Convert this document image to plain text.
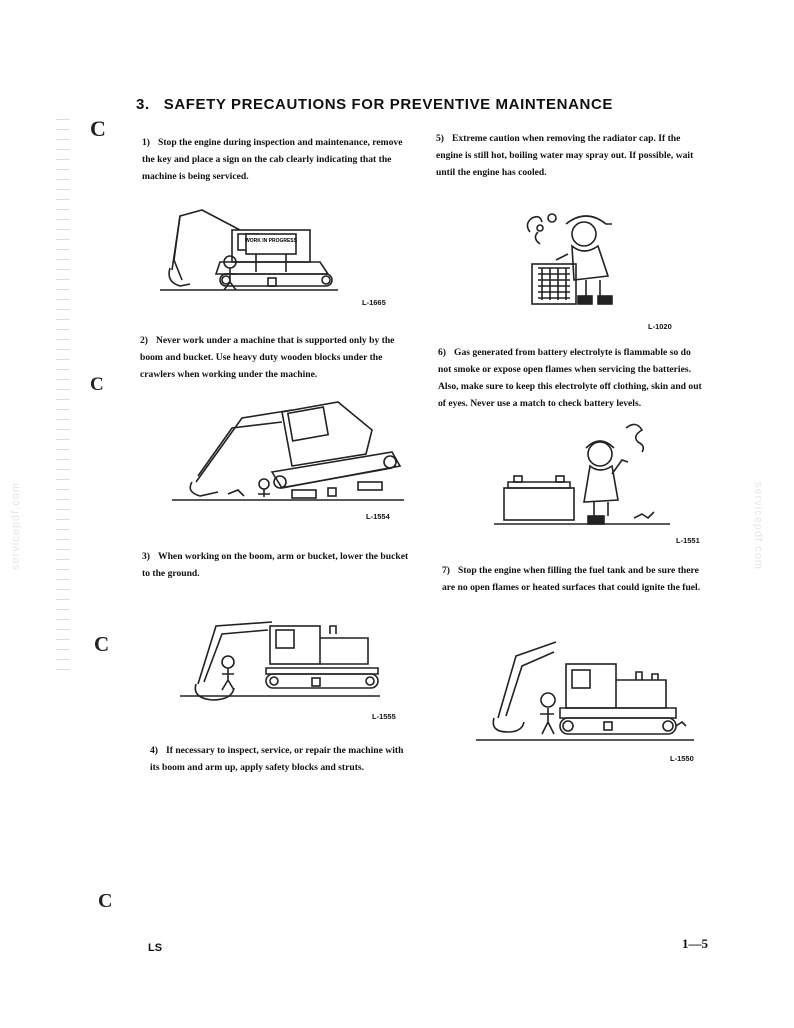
C
C
C
C
servicepdf.com	servicepdf.com
3. SAFETY PRECAUTIONS FOR PREVENTIVE MAINTENANCE
1) Stop the engine during inspection and maintenance, remove the key and place a sign on the cab clearly indicating that the machine is being serviced.
WORK IN PROGRESS
L-1665
2) Never work under a machine that is supported only by the boom and bucket. Use heavy duty wooden blocks under the crawlers when working under the machine.
L-1554
3) When working on the boom, arm or bucket, lower the bucket to the ground.
L-1555
4) If necessary to inspect, service, or repair the machine with its boom and arm up, apply safety blocks and struts.
5) Extreme caution when removing the radiator cap. If the engine is still hot, boiling water may spray out. If possible, wait until the engine has cooled.
L-1020
6) Gas generated from battery electrolyte is flammable so do not smoke or expose open flames when servicing the batteries. Also, make sure to keep this electrolyte off clothing, skin and out of eyes. Never use a match to check battery levels.
L-1551
7) Stop the engine when filling the fuel tank and be sure there are no open flames or heated surfaces that could ignite the fuel.
L-1550
LS	1—5
